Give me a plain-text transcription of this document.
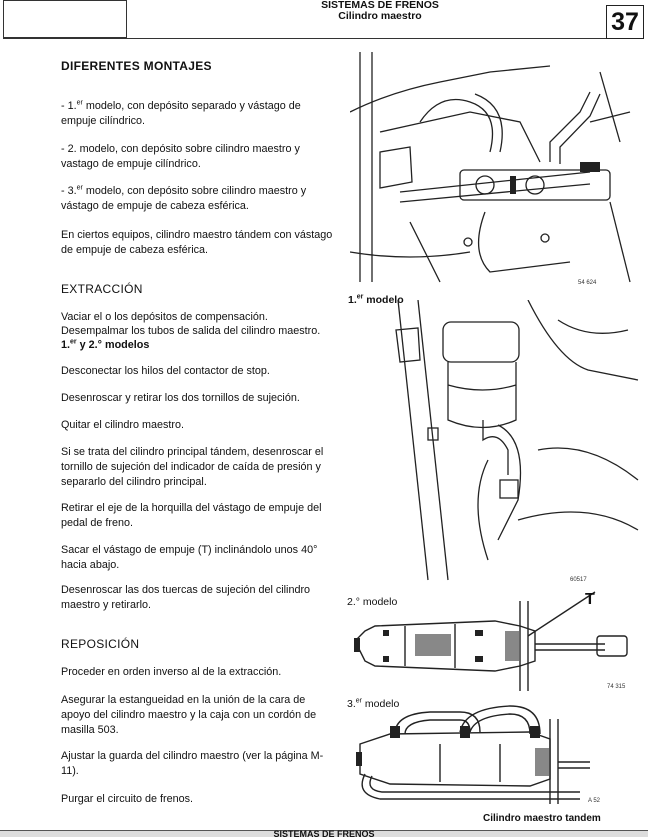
SISTEMAS DE FRENOS
Cilindro maestro	37
DIFERENTES MONTAJES
- 1.$^{er}$ modelo, con depósito separado y vástago de empuje cilíndrico.
- 2. modelo, con depósito sobre cilindro maestro y vastago de empuje cilíndrico.
- 3.$^{er}$ modelo, con depósito sobre cilindro maestro y vástago de empuje de cabeza esférica.
En ciertos equipos, cilindro maestro tándem con vástago de empuje de cabeza esférica.
EXTRACCIÓN
Vaciar el o los depósitos de compensación.
Desempalmar los tubos de salida del cilindro maestro.
1.$^{er}$ y 2.° modelos
Desconectar los hilos del contactor de stop.
Desenroscar y retirar los dos tornillos de sujeción.
Quitar el cilindro maestro.
Si se trata del cilindro principal tándem, desenroscar el tornillo de sujeción del indicador de caída de presión y separarlo del cilindro principal.
Retirar el eje de la horquilla del vástago de empuje del pedal de freno.
Sacar el vástago de empuje (T) inclinándolo unos 40° hacia abajo.
Desenroscar las dos tuercas de sujeción del cilindro maestro y retirarlo.
REPOSICIÓN
Proceder en orden inverso al de la extracción.
Asegurar la estangueidad en la unión de la cara de apoyo del cilindro maestro y la caja con un cordón de masilla 503.
Ajustar la guarda del cilindro maestro (ver la página M-11).
Purgar el circuito de frenos.
54 624
1.$^{er}$ modelo
60517
2.° modelo	T
74 315
3.$^{er}$ modelo
A 52
Cilindro maestro tandem
SISTEMAS DE FRENOS
